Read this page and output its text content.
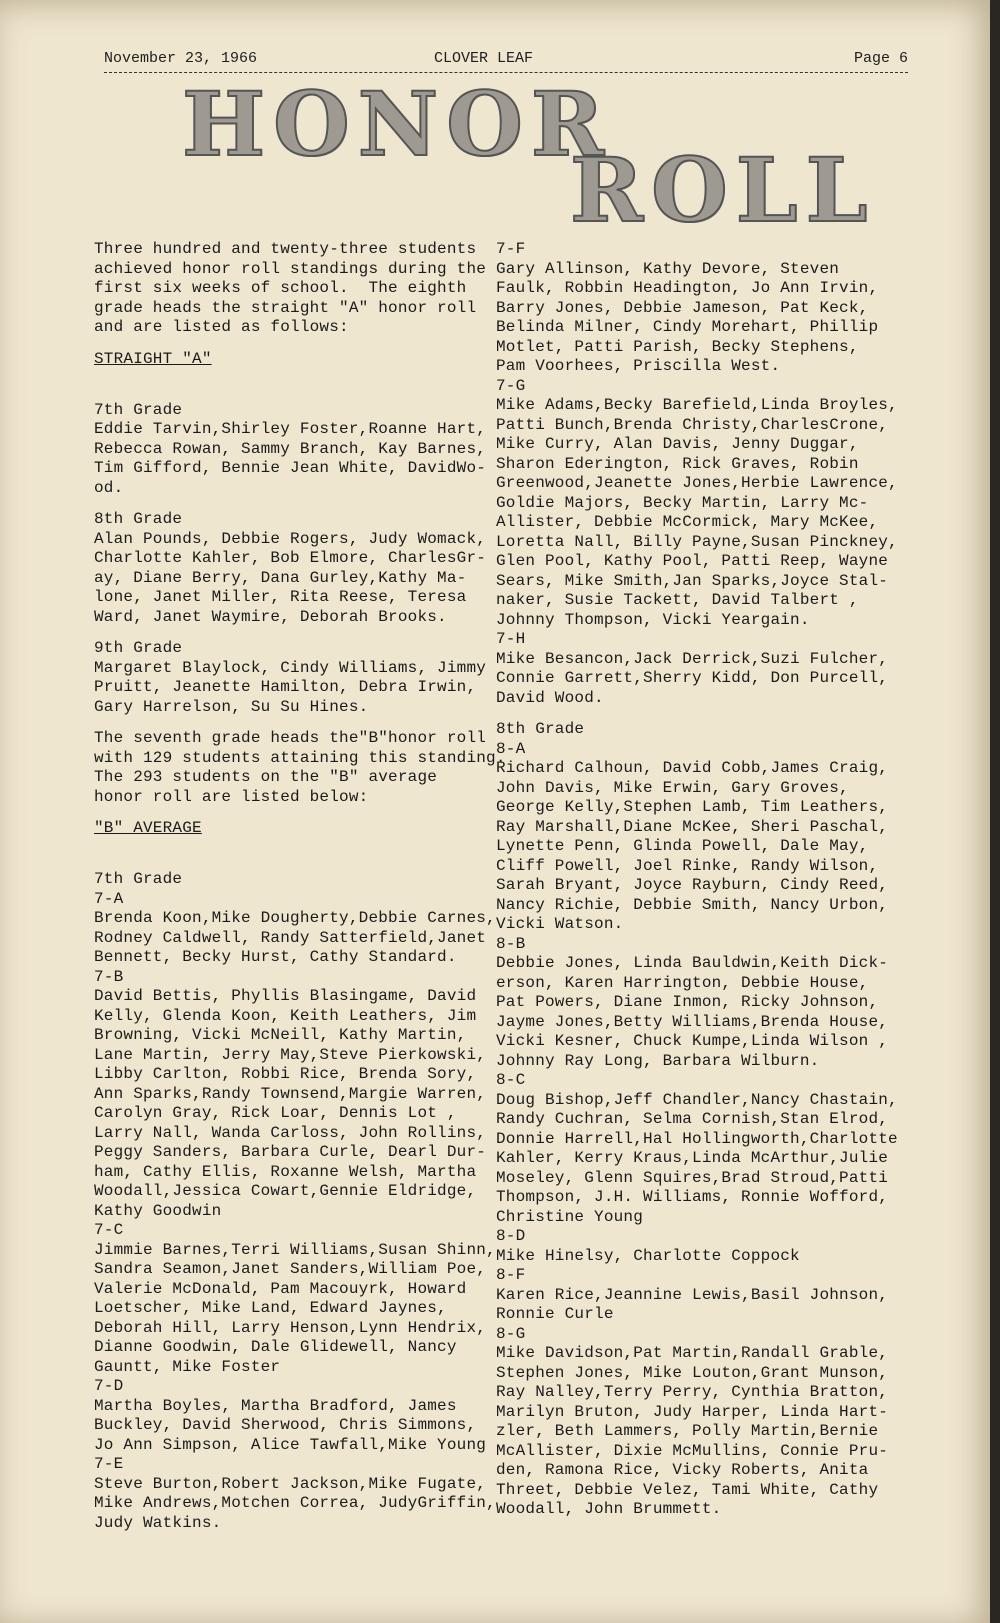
November 23, 1966	CLOVER LEAF	Page 6
HONOR
ROLL
Three hundred and twenty-three students
achieved honor roll standings during the
first six weeks of school.  The eighth
grade heads the straight "A" honor roll
and are listed as follows:
STRAIGHT "A"

7th Grade
Eddie Tarvin,Shirley Foster,Roanne Hart,
Rebecca Rowan, Sammy Branch, Kay Barnes,
Tim Gifford, Bennie Jean White, DavidWo-
od.
8th Grade
Alan Pounds, Debbie Rogers, Judy Womack,
Charlotte Kahler, Bob Elmore, CharlesGr-
ay, Diane Berry, Dana Gurley,Kathy Ma-
lone, Janet Miller, Rita Reese, Teresa
Ward, Janet Waymire, Deborah Brooks.
9th Grade
Margaret Blaylock, Cindy Williams, Jimmy
Pruitt, Jeanette Hamilton, Debra Irwin,
Gary Harrelson, Su Su Hines.
The seventh grade heads the"B"honor roll
with 129 students attaining this standing.
The 293 students on the "B" average
honor roll are listed below:
"B" AVERAGE

7th Grade
7-A
Brenda Koon,Mike Dougherty,Debbie Carnes,
Rodney Caldwell, Randy Satterfield,Janet
Bennett, Becky Hurst, Cathy Standard.
7-B
David Bettis, Phyllis Blasingame, David
Kelly, Glenda Koon, Keith Leathers, Jim
Browning, Vicki McNeill, Kathy Martin,
Lane Martin, Jerry May,Steve Pierkowski,
Libby Carlton, Robbi Rice, Brenda Sory,
Ann Sparks,Randy Townsend,Margie Warren,
Carolyn Gray, Rick Loar, Dennis Lot ,
Larry Nall, Wanda Carloss, John Rollins,
Peggy Sanders, Barbara Curle, Dearl Dur-
ham, Cathy Ellis, Roxanne Welsh, Martha
Woodall,Jessica Cowart,Gennie Eldridge,
Kathy Goodwin
7-C
Jimmie Barnes,Terri Williams,Susan Shinn,
Sandra Seamon,Janet Sanders,William Poe,
Valerie McDonald, Pam Macouyrk, Howard
Loetscher, Mike Land, Edward Jaynes,
Deborah Hill, Larry Henson,Lynn Hendrix,
Dianne Goodwin, Dale Glidewell, Nancy
Gauntt, Mike Foster
7-D
Martha Boyles, Martha Bradford, James
Buckley, David Sherwood, Chris Simmons,
Jo Ann Simpson, Alice Tawfall,Mike Young
7-E
Steve Burton,Robert Jackson,Mike Fugate,
Mike Andrews,Motchen Correa, JudyGriffin,
Judy Watkins.
7-F
Gary Allinson, Kathy Devore, Steven
Faulk, Robbin Headington, Jo Ann Irvin,
Barry Jones, Debbie Jameson, Pat Keck,
Belinda Milner, Cindy Morehart, Phillip
Motlet, Patti Parish, Becky Stephens,
Pam Voorhees, Priscilla West.
7-G
Mike Adams,Becky Barefield,Linda Broyles,
Patti Bunch,Brenda Christy,CharlesCrone,
Mike Curry, Alan Davis, Jenny Duggar,
Sharon Ederington, Rick Graves, Robin
Greenwood,Jeanette Jones,Herbie Lawrence,
Goldie Majors, Becky Martin, Larry Mc-
Allister, Debbie McCormick, Mary McKee,
Loretta Nall, Billy Payne,Susan Pinckney,
Glen Pool, Kathy Pool, Patti Reep, Wayne
Sears, Mike Smith,Jan Sparks,Joyce Stal-
naker, Susie Tackett, David Talbert ,
Johnny Thompson, Vicki Yeargain.
7-H
Mike Besancon,Jack Derrick,Suzi Fulcher,
Connie Garrett,Sherry Kidd, Don Purcell,
David Wood.
8th Grade
8-A
Richard Calhoun, David Cobb,James Craig,
John Davis, Mike Erwin, Gary Groves,
George Kelly,Stephen Lamb, Tim Leathers,
Ray Marshall,Diane McKee, Sheri Paschal,
Lynette Penn, Glinda Powell, Dale May,
Cliff Powell, Joel Rinke, Randy Wilson,
Sarah Bryant, Joyce Rayburn, Cindy Reed,
Nancy Richie, Debbie Smith, Nancy Urbon,
Vicki Watson.
8-B
Debbie Jones, Linda Bauldwin,Keith Dick-
erson, Karen Harrington, Debbie House,
Pat Powers, Diane Inmon, Ricky Johnson,
Jayme Jones,Betty Williams,Brenda House,
Vicki Kesner, Chuck Kumpe,Linda Wilson ,
Johnny Ray Long, Barbara Wilburn.
8-C
Doug Bishop,Jeff Chandler,Nancy Chastain,
Randy Cuchran, Selma Cornish,Stan Elrod,
Donnie Harrell,Hal Hollingworth,Charlotte
Kahler, Kerry Kraus,Linda McArthur,Julie
Moseley, Glenn Squires,Brad Stroud,Patti
Thompson, J.H. Williams, Ronnie Wofford,
Christine Young
8-D
Mike Hinelsy, Charlotte Coppock
8-F
Karen Rice,Jeannine Lewis,Basil Johnson,
Ronnie Curle
8-G
Mike Davidson,Pat Martin,Randall Grable,
Stephen Jones, Mike Louton,Grant Munson,
Ray Nalley,Terry Perry, Cynthia Bratton,
Marilyn Bruton, Judy Harper, Linda Hart-
zler, Beth Lammers, Polly Martin,Bernie
McAllister, Dixie McMullins, Connie Pru-
den, Ramona Rice, Vicky Roberts, Anita
Threet, Debbie Velez, Tami White, Cathy
Woodall, John Brummett.
